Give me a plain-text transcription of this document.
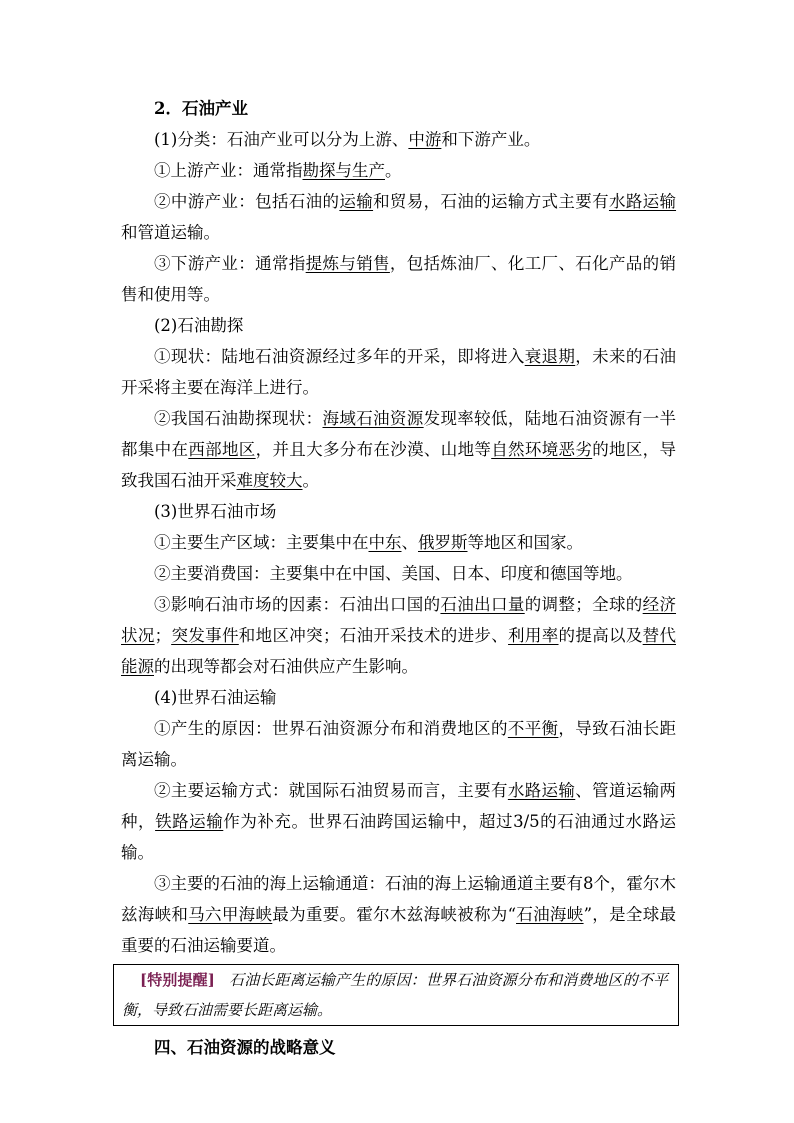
2．石油产业

(1)分类：石油产业可以分为上游、中游和下游产业。

①上游产业：通常指勘探与生产。

②中游产业：包括石油的运输和贸易，石油的运输方式主要有水路运输和管道运输。

③下游产业：通常指提炼与销售，包括炼油厂、化工厂、石化产品的销售和使用等。

(2)石油勘探

①现状：陆地石油资源经过多年的开采，即将进入衰退期，未来的石油开采将主要在海洋上进行。

②我国石油勘探现状：海域石油资源发现率较低，陆地石油资源有一半都集中在西部地区，并且大多分布在沙漠、山地等自然环境恶劣的地区，导致我国石油开采难度较大。

(3)世界石油市场

①主要生产区域：主要集中在中东、俄罗斯等地区和国家。

②主要消费国：主要集中在中国、美国、日本、印度和德国等地。

③影响石油市场的因素：石油出口国的石油出口量的调整；全球的经济状况；突发事件和地区冲突；石油开采技术的进步、利用率的提高以及替代能源的出现等都会对石油供应产生影响。

(4)世界石油运输

①产生的原因：世界石油资源分布和消费地区的不平衡，导致石油长距离运输。

②主要运输方式：就国际石油贸易而言，主要有水路运输、管道运输两种，铁路运输作为补充。世界石油跨国运输中，超过3/5的石油通过水路运输。

③主要的石油的海上运输通道：石油的海上运输通道主要有8个，霍尔木兹海峡和马六甲海峡最为重要。霍尔木兹海峡被称为“石油海峡”，是全球最重要的石油运输要道。

[特别提醒] 石油长距离运输产生的原因：世界石油资源分布和消费地区的不平衡，导致石油需要长距离运输。

四、石油资源的战略意义
